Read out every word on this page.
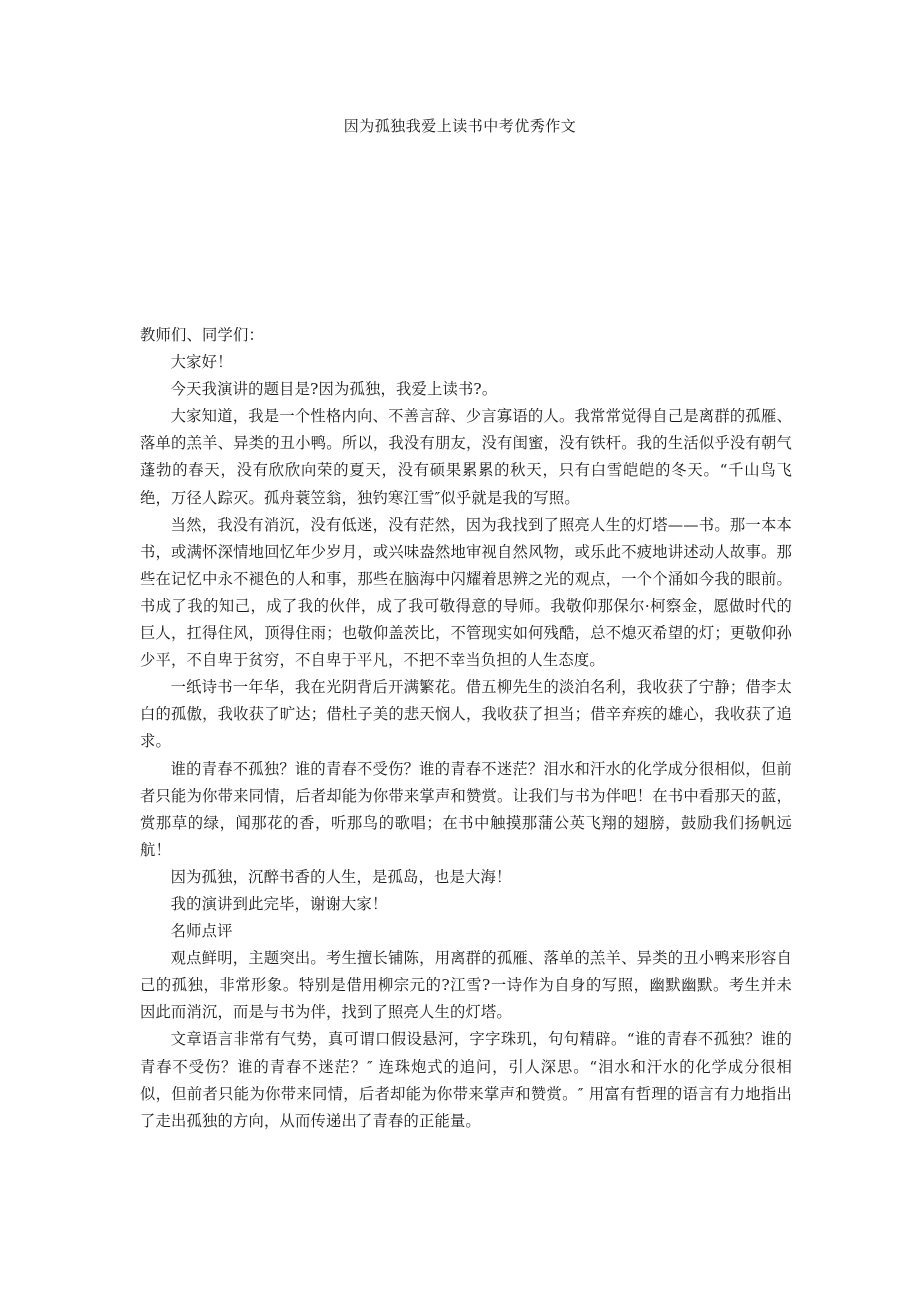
因为孤独我爱上读书中考优秀作文

教师们、同学们：

大家好！

今天我演讲的题目是?因为孤独，我爱上读书?。

大家知道，我是一个性格内向、不善言辞、少言寡语的人。我常常觉得自己是离群的孤雁、落单的羔羊、异类的丑小鸭。所以，我没有朋友，没有闺蜜，没有铁杆。我的生活似乎没有朝气蓬勃的春天，没有欣欣向荣的夏天，没有硕果累累的秋天，只有白雪皑皑的冬天。“千山鸟飞绝，万径人踪灭。孤舟蓑笠翁，独钓寒江雪″似乎就是我的写照。

当然，我没有消沉，没有低迷，没有茫然，因为我找到了照亮人生的灯塔——书。那一本本书，或满怀深情地回忆年少岁月，或兴味盎然地审视自然风物，或乐此不疲地讲述动人故事。那些在记忆中永不褪色的人和事，那些在脑海中闪耀着思辨之光的观点，一个个涌如今我的眼前。书成了我的知己，成了我的伙伴，成了我可敬得意的导师。我敬仰那保尔·柯察金，愿做时代的巨人，扛得住风，顶得住雨；也敬仰盖茨比，不管现实如何残酷，总不熄灭希望的灯；更敬仰孙少平，不自卑于贫穷，不自卑于平凡，不把不幸当负担的人生态度。

一纸诗书一年华，我在光阴背后开满繁花。借五柳先生的淡泊名利，我收获了宁静；借李太白的孤傲，我收获了旷达；借杜子美的悲天悯人，我收获了担当；借辛弃疾的雄心，我收获了追求。

谁的青春不孤独？谁的青春不受伤？谁的青春不迷茫？泪水和汗水的化学成分很相似，但前者只能为你带来同情，后者却能为你带来掌声和赞赏。让我们与书为伴吧！在书中看那天的蓝，赏那草的绿，闻那花的香，听那鸟的歌唱；在书中触摸那蒲公英飞翔的翅膀，鼓励我们扬帆远航！

因为孤独，沉醉书香的人生，是孤岛，也是大海！

我的演讲到此完毕，谢谢大家！

名师点评

观点鲜明，主题突出。考生擅长铺陈，用离群的孤雁、落单的羔羊、异类的丑小鸭来形容自己的孤独，非常形象。特别是借用柳宗元的?江雪?一诗作为自身的写照，幽默幽默。考生并未因此而消沉，而是与书为伴，找到了照亮人生的灯塔。

文章语言非常有气势，真可谓口假设悬河，字字珠玑，句句精辟。“谁的青春不孤独？谁的青春不受伤？谁的青春不迷茫？″ 连珠炮式的追问，引人深思。“泪水和汗水的化学成分很相似，但前者只能为你带来同情，后者却能为你带来掌声和赞赏。″ 用富有哲理的语言有力地指出了走出孤独的方向，从而传递出了青春的正能量。
